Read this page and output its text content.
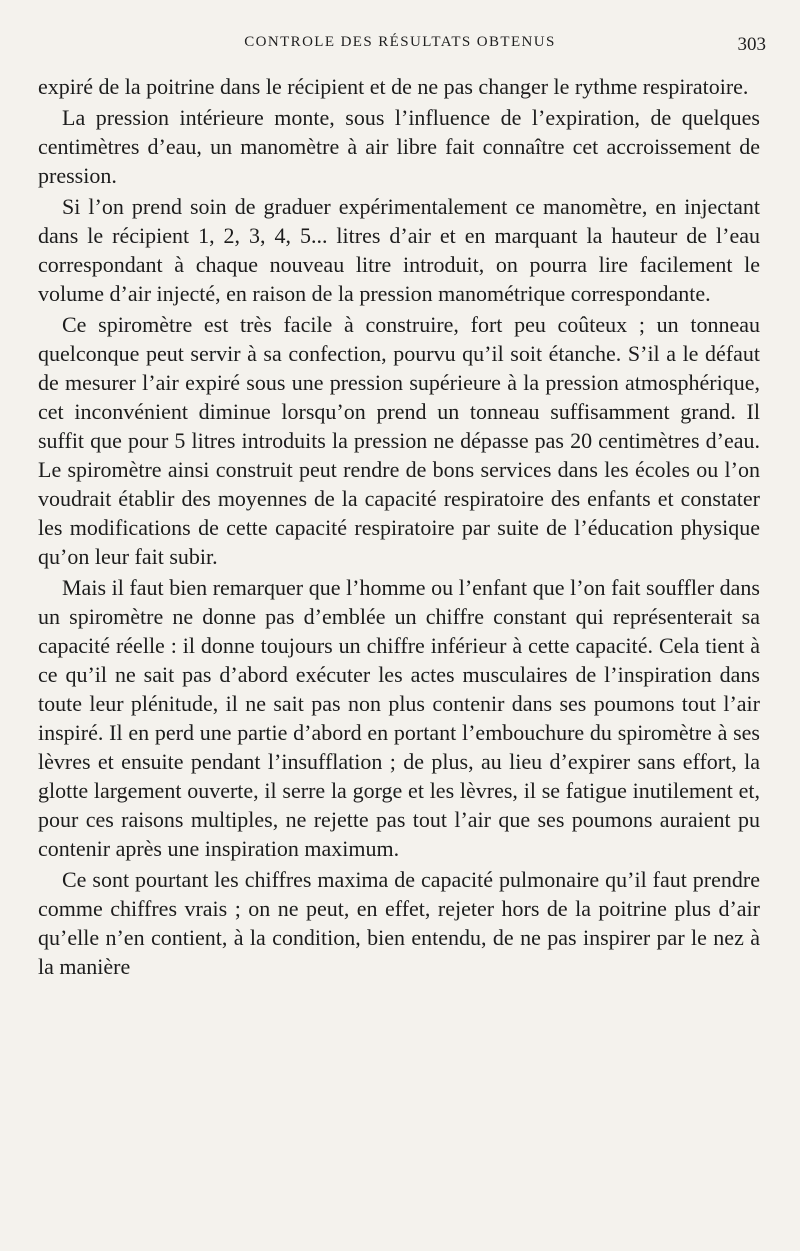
CONTROLE DES RÉSULTATS OBTENUS	303

expiré de la poitrine dans le récipient et de ne pas changer le rythme respiratoire.

La pression intérieure monte, sous l’influence de l’expiration, de quelques centimètres d’eau, un manomètre à air libre fait connaître cet accroissement de pression.

Si l’on prend soin de graduer expérimentalement ce manomètre, en injectant dans le récipient 1, 2, 3, 4, 5... litres d’air et en marquant la hauteur de l’eau correspondant à chaque nouveau litre introduit, on pourra lire facilement le volume d’air injecté, en raison de la pression manométrique correspondante.

Ce spiromètre est très facile à construire, fort peu coûteux ; un tonneau quelconque peut servir à sa confection, pourvu qu’il soit étanche. S’il a le défaut de mesurer l’air expiré sous une pression supérieure à la pression atmosphérique, cet inconvénient diminue lorsqu’on prend un tonneau suffisamment grand. Il suffit que pour 5 litres introduits la pression ne dépasse pas 20 centimètres d’eau. Le spiromètre ainsi construit peut rendre de bons services dans les écoles ou l’on voudrait établir des moyennes de la capacité respiratoire des enfants et constater les modifications de cette capacité respiratoire par suite de l’éducation physique qu’on leur fait subir.

Mais il faut bien remarquer que l’homme ou l’enfant que l’on fait souffler dans un spiromètre ne donne pas d’emblée un chiffre constant qui représenterait sa capacité réelle : il donne toujours un chiffre inférieur à cette capacité. Cela tient à ce qu’il ne sait pas d’abord exécuter les actes musculaires de l’inspiration dans toute leur plénitude, il ne sait pas non plus contenir dans ses poumons tout l’air inspiré. Il en perd une partie d’abord en portant l’embouchure du spiromètre à ses lèvres et ensuite pendant l’insufflation ; de plus, au lieu d’expirer sans effort, la glotte largement ouverte, il serre la gorge et les lèvres, il se fatigue inutilement et, pour ces raisons multiples, ne rejette pas tout l’air que ses poumons auraient pu contenir après une inspiration maximum.

Ce sont pourtant les chiffres maxima de capacité pulmonaire qu’il faut prendre comme chiffres vrais ; on ne peut, en effet, rejeter hors de la poitrine plus d’air qu’elle n’en contient, à la condition, bien entendu, de ne pas inspirer par le nez à la manière
